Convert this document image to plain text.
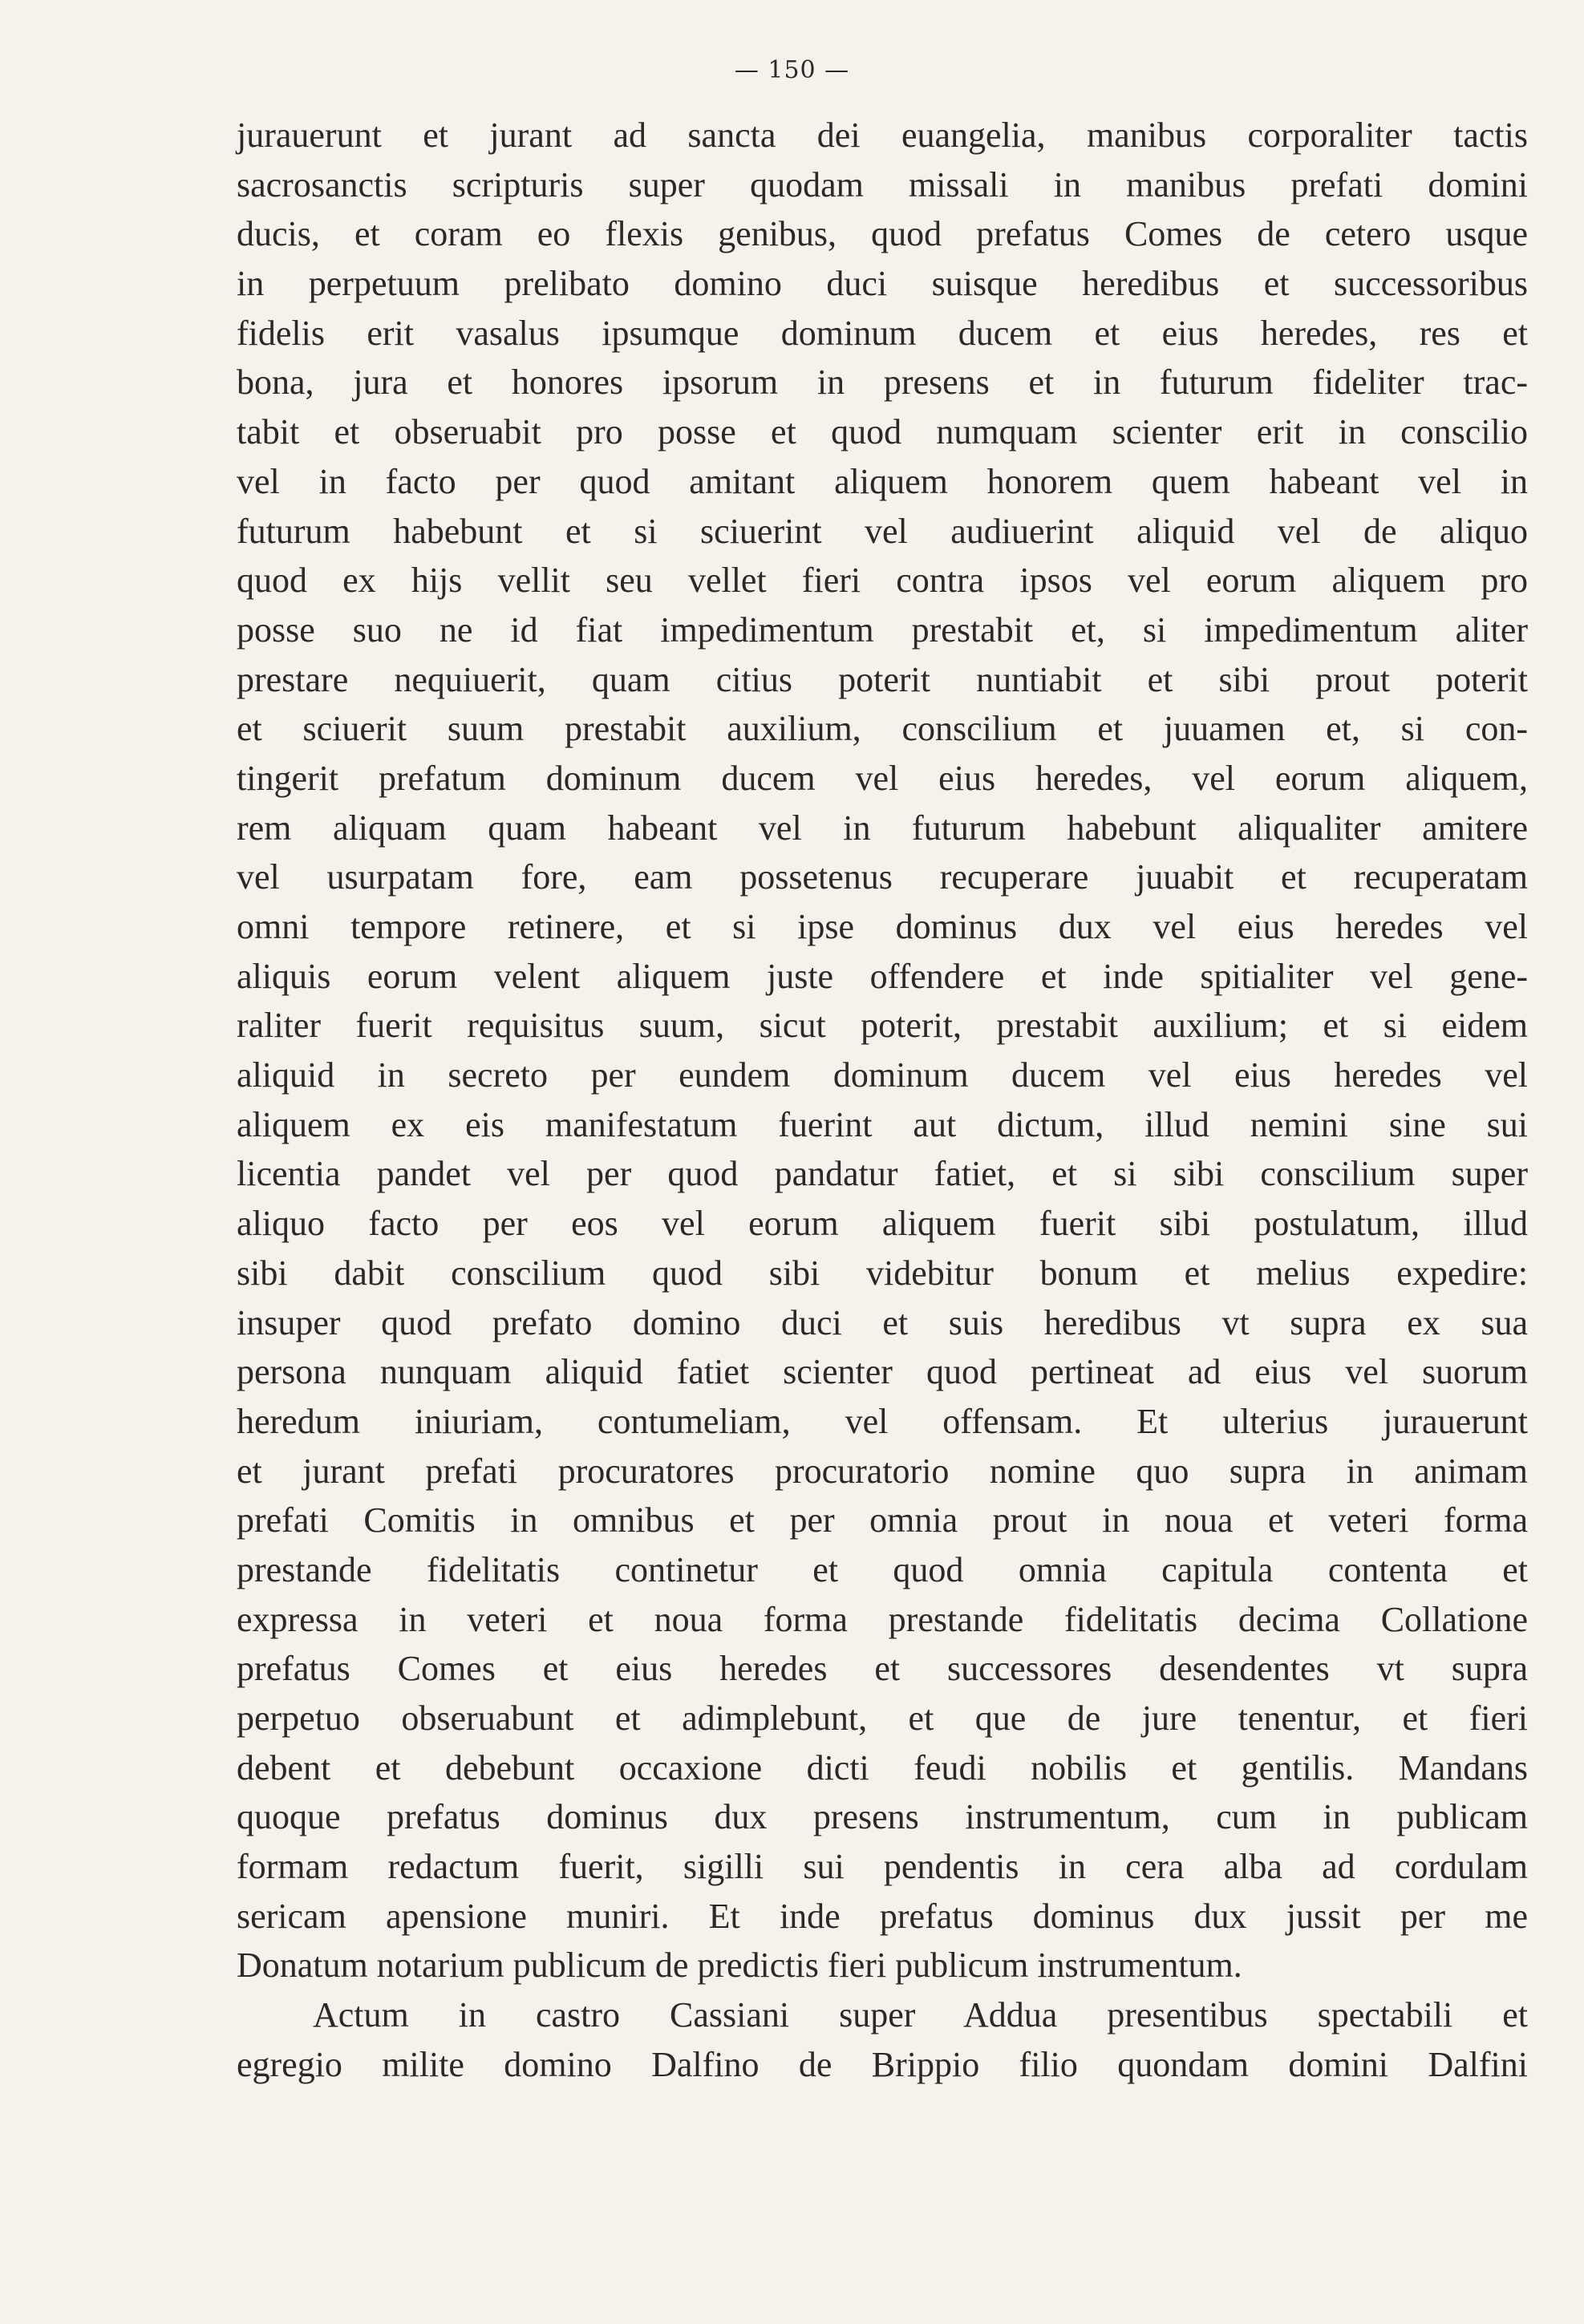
— 150 —
jurauerunt et jurant ad sancta dei euangelia, manibus corporaliter tactis
sacrosanctis scripturis super quodam missali in manibus prefati domini
ducis, et coram eo flexis genibus, quod prefatus Comes de cetero usque
in perpetuum prelibato domino duci suisque heredibus et successoribus
fidelis erit vasalus ipsumque dominum ducem et eius heredes, res et
bona, jura et honores ipsorum in presens et in futurum fideliter trac-
tabit et obseruabit pro posse et quod numquam scienter erit in conscilio
vel in facto per quod amitant aliquem honorem quem habeant vel in
futurum habebunt et si sciuerint vel audiuerint aliquid vel de aliquo
quod ex hijs vellit seu vellet fieri contra ipsos vel eorum aliquem pro
posse suo ne id fiat impedimentum prestabit et, si impedimentum aliter
prestare nequiuerit, quam citius poterit nuntiabit et sibi prout poterit
et sciuerit suum prestabit auxilium, conscilium et juuamen et, si con-
tingerit prefatum dominum ducem vel eius heredes, vel eorum aliquem,
rem aliquam quam habeant vel in futurum habebunt aliqualiter amitere
vel usurpatam fore, eam possetenus recuperare juuabit et recuperatam
omni tempore retinere, et si ipse dominus dux vel eius heredes vel
aliquis eorum velent aliquem juste offendere et inde spitialiter vel gene-
raliter fuerit requisitus suum, sicut poterit, prestabit auxilium; et si eidem
aliquid in secreto per eundem dominum ducem vel eius heredes vel
aliquem ex eis manifestatum fuerint aut dictum, illud nemini sine sui
licentia pandet vel per quod pandatur fatiet, et si sibi conscilium super
aliquo facto per eos vel eorum aliquem fuerit sibi postulatum, illud
sibi dabit conscilium quod sibi videbitur bonum et melius expedire:
insuper quod prefato domino duci et suis heredibus vt supra ex sua
persona nunquam aliquid fatiet scienter quod pertineat ad eius vel suorum
heredum iniuriam, contumeliam, vel offensam. Et ulterius jurauerunt
et jurant prefati procuratores procuratorio nomine quo supra in animam
prefati Comitis in omnibus et per omnia prout in noua et veteri forma
prestande fidelitatis continetur et quod omnia capitula contenta et
expressa in veteri et noua forma prestande fidelitatis decima Collatione
prefatus Comes et eius heredes et successores desendentes vt supra
perpetuo obseruabunt et adimplebunt, et que de jure tenentur, et fieri
debent et debebunt occaxione dicti feudi nobilis et gentilis. Mandans
quoque prefatus dominus dux presens instrumentum, cum in publicam
formam redactum fuerit, sigilli sui pendentis in cera alba ad cordulam
sericam apensione muniri. Et inde prefatus dominus dux jussit per me
Donatum notarium publicum de predictis fieri publicum instrumentum.
Actum in castro Cassiani super Addua presentibus spectabili et
egregio milite domino Dalfino de Brippio filio quondam domini Dalfini
